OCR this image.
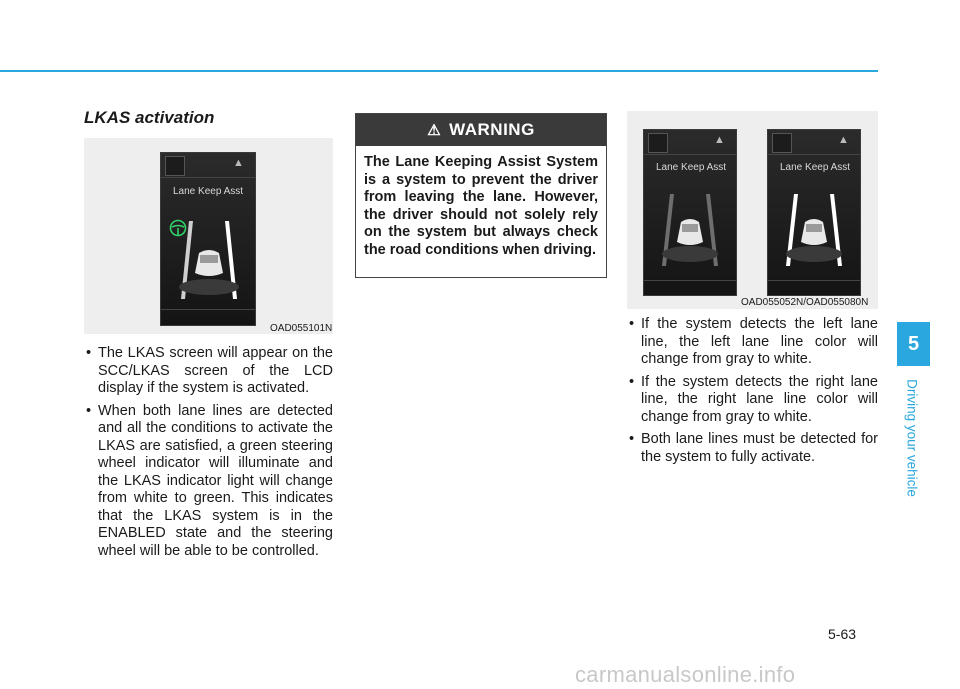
LKAS activation
▲
Lane Keep Asst
OAD055101N
• The LKAS screen will appear on the SCC/LKAS screen of the LCD display if the system is activated.
• When both lane lines are detected and all the conditions to activate the LKAS are satisfied, a green steering wheel indicator will illuminate and the LKAS indicator light will change from white to green. This indicates that the LKAS system is in the ENABLED state and the steering wheel will be able to be controlled.
⚠ WARNING
The Lane Keeping Assist System is a system to prevent the driver from leaving the lane. However, the driver should not solely rely on the system but always check the road conditions when driving.
▲
Lane Keep Asst
▲
Lane Keep Asst
OAD055052N/OAD055080N
• If the system detects the left lane line, the left lane line color will change from gray to white.
• If the system detects the right lane line, the right lane line color will change from gray to white.
• Both lane lines must be detected for the system to fully activate.
5
Driving your vehicle
5-63
carmanualsonline.info
